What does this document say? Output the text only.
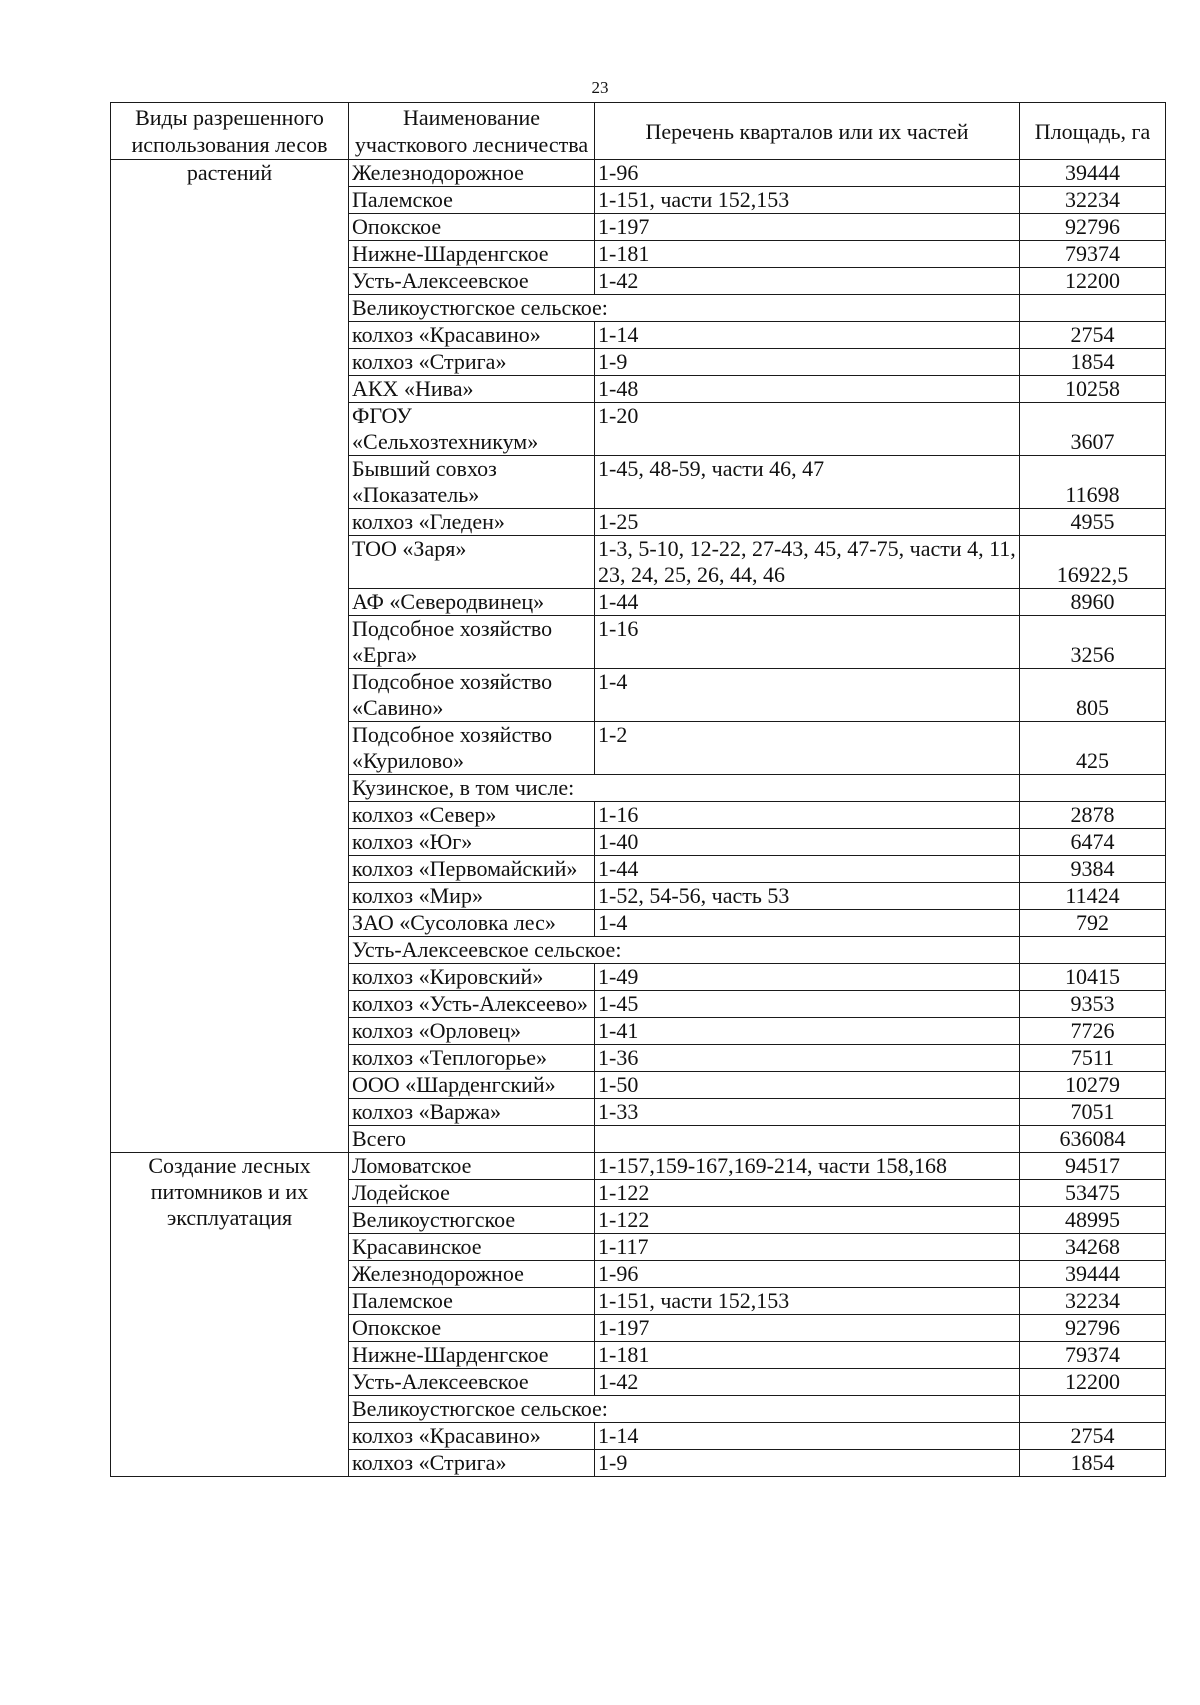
23
Виды разрешенного использования лесов	Наименование участкового лесничества	Перечень кварталов или их частей	Площадь, га
растений	Железнодорожное	1-96	39444
	Палемское	1-151, части 152,153	32234
	Опокское	1-197	92796
	Нижне-Шарденгское	1-181	79374
	Усть-Алексеевское	1-42	12200
	Великоустюгское сельское:		
	колхоз «Красавино»	1-14	2754
	колхоз «Стрига»	1-9	1854
	АКХ «Нива»	1-48	10258
	ФГОУ «Сельхозтехникум»	1-20	3607
	Бывший совхоз «Показатель»	1-45, 48-59, части 46, 47	11698
	колхоз «Гледен»	1-25	4955
	ТОО «Заря»	1-3, 5-10, 12-22, 27-43, 45, 47-75, части 4, 11, 23, 24, 25, 26, 44, 46	16922,5
	АФ «Северодвинец»	1-44	8960
	Подсобное хозяйство «Ерга»	1-16	3256
	Подсобное хозяйство «Савино»	1-4	805
	Подсобное хозяйство «Курилово»	1-2	425
	Кузинское, в том числе:		
	колхоз «Север»	1-16	2878
	колхоз «Юг»	1-40	6474
	колхоз «Первомайский»	1-44	9384
	колхоз «Мир»	1-52, 54-56, часть 53	11424
	ЗАО «Сусоловка лес»	1-4	792
	Усть-Алексеевское сельское:		
	колхоз «Кировский»	1-49	10415
	колхоз «Усть-Алексеево»	1-45	9353
	колхоз «Орловец»	1-41	7726
	колхоз «Теплогорье»	1-36	7511
	ООО «Шарденгский»	1-50	10279
	колхоз «Варжа»	1-33	7051
	Всего		636084
Создание лесных питомников и их эксплуатация	Ломоватское	1-157,159-167,169-214, части 158,168	94517
	Лодейское	1-122	53475
	Великоустюгское	1-122	48995
	Красавинское	1-117	34268
	Железнодорожное	1-96	39444
	Палемское	1-151, части 152,153	32234
	Опокское	1-197	92796
	Нижне-Шарденгское	1-181	79374
	Усть-Алексеевское	1-42	12200
	Великоустюгское сельское:		
	колхоз «Красавино»	1-14	2754
	колхоз «Стрига»	1-9	1854
